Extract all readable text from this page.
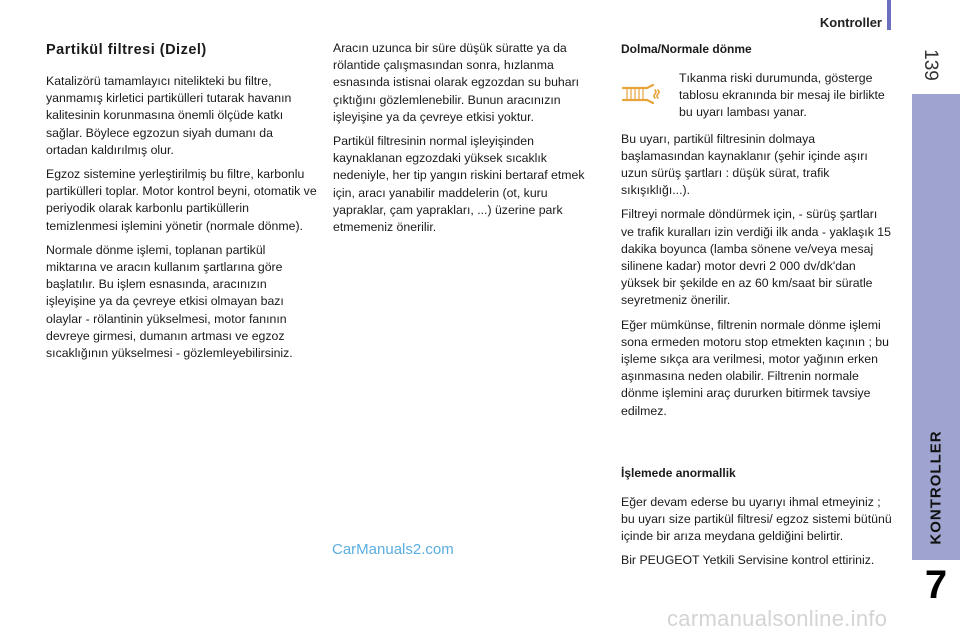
Kontroller
139
KONTROLLER
7
Partikül filtresi (Dizel)

Katalizörü tamamlayıcı nitelikteki bu filtre, yanmamış kirletici partikülleri tutarak havanın kalitesinin korunmasına önemli ölçüde katkı sağlar. Böylece egzozun siyah dumanı da ortadan kaldırılmış olur.

Egzoz sistemine yerleştirilmiş bu filtre, karbonlu partikülleri toplar. Motor kontrol beyni, otomatik ve periyodik olarak karbonlu partiküllerin temizlenmesi işlemini yönetir (normale dönme).

Normale dönme işlemi, toplanan partikül miktarına ve aracın kullanım şartlarına göre başlatılır. Bu işlem esnasında, aracınızın işleyişine ya da çevreye etkisi olmayan bazı olaylar - rölantinin yükselmesi, motor fanının devreye girmesi, dumanın artması ve egzoz sıcaklığının yükselmesi - gözlemleyebilirsiniz.

Aracın uzunca bir süre düşük süratte ya da rölantide çalışmasından sonra, hızlanma esnasında istisnai olarak egzozdan su buharı çıktığını gözlemlenebilir. Bunun aracınızın işleyişine ya da çevreye etkisi yoktur.

Partikül filtresinin normal işleyişinden kaynaklanan egzozdaki yüksek sıcaklık nedeniyle, her tip yangın riskini bertaraf etmek için, aracı yanabilir maddelerin (ot, kuru yapraklar, çam yaprakları, ...) üzerine park etmemeniz önerilir.

Dolma/Normale dönme
Tıkanma riski durumunda, gösterge tablosu ekranında bir mesaj ile birlikte bu uyarı lambası yanar.

Bu uyarı, partikül filtresinin dolmaya başlamasından kaynaklanır (şehir içinde aşırı uzun sürüş şartları : düşük sürat, trafik sıkışıklığı...).

Filtreyi normale döndürmek için, - sürüş şartları ve trafik kuralları izin verdiği ilk anda - yaklaşık 15 dakika boyunca (lamba sönene ve/veya mesaj silinene kadar) motor devri 2 000 dv/dk'dan yüksek bir şekilde en az 60 km/saat bir süratle seyretmeniz önerilir.

Eğer mümkünse, filtrenin normale dönme işlemi sona ermeden motoru stop etmekten kaçının ; bu işleme sıkça ara verilmesi, motor yağının erken aşınmasına neden olabilir. Filtrenin normale dönme işlemini araç dururken bitirmek tavsiye edilmez.

İşlemede anormallik

Eğer devam ederse bu uyarıyı ihmal etmeyiniz ; bu uyarı size partikül filtresi/ egzoz sistemi bütünü içinde bir arıza meydana geldiğini belirtir.

Bir PEUGEOT Yetkili Servisine kontrol ettiriniz.

CarManuals2.com
carmanualsonline.info
